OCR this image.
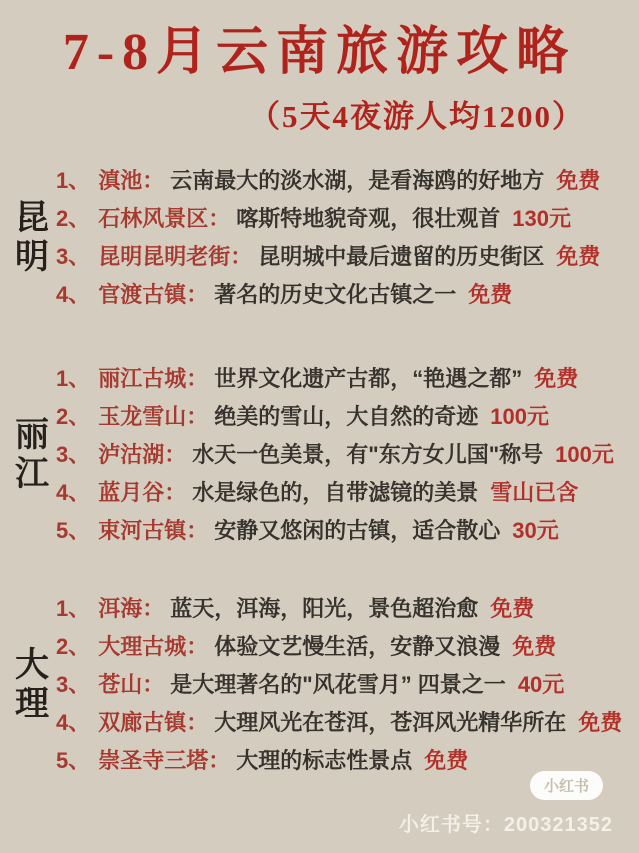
7-8月云南旅游攻略
（5天4夜游人均1200）
昆明
1、 滇池： 云南最大的淡水湖，是看海鸥的好地方 免费
2、 石林风景区： 喀斯特地貌奇观，很壮观首 130元
3、 昆明昆明老街： 昆明城中最后遗留的历史街区 免费
4、 官渡古镇： 著名的历史文化古镇之一 免费
丽江
1、 丽江古城： 世界文化遗产古都，“艳遇之都” 免费
2、 玉龙雪山： 绝美的雪山，大自然的奇迹 100元
3、 泸沽湖： 水天一色美景，有"东方女儿国"称号 100元
4、 蓝月谷： 水是绿色的，自带滤镜的美景 雪山已含
5、 束河古镇： 安静又悠闲的古镇，适合散心 30元
大理
1、 洱海： 蓝天，洱海，阳光，景色超治愈 免费
2、 大理古城： 体验文艺慢生活，安静又浪漫 免费
3、 苍山： 是大理著名的"风花雪月” 四景之一 40元
4、 双廊古镇： 大理风光在苍洱，苍洱风光精华所在 免费
5、 崇圣寺三塔： 大理的标志性景点 免费
小红书
小红书号：200321352
